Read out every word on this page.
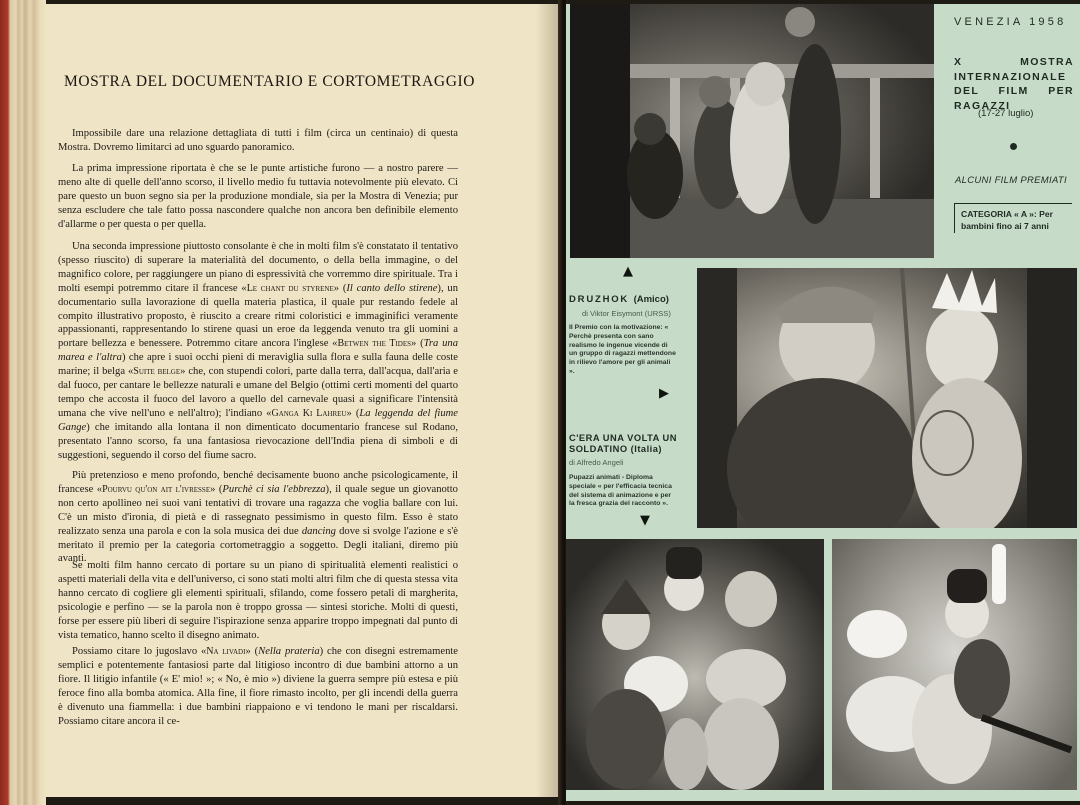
MOSTRA DEL DOCUMENTARIO E CORTOMETRAGGIO
Impossibile dare una relazione dettagliata di tutti i film (circa un centinaio) di questa Mostra. Dovremo limitarci ad uno sguardo panoramico.
La prima impressione riportata è che se le punte artistiche furono — a nostro parere — meno alte di quelle dell'anno scorso, il livello medio fu tuttavia notevolmente più elevato. Ci pare questo un buon segno sia per la produzione mondiale, sia per la Mostra di Venezia; pur senza escludere che tale fatto possa nascondere qualche non ancora ben definibile elemento d'allarme o per questa o per quella.
Una seconda impressione piuttosto consolante è che in molti film s'è constatato il tentativo (spesso riuscito) di superare la materialità del documento, o della bella immagine, o del magnifico colore, per raggiungere un piano di espressività che vorremmo dire spirituale. Tra i molti esempi potremmo citare il francese «Le chant du styrene» (Il canto dello stirene), un documentario sulla lavorazione di quella materia plastica, il quale pur restando fedele al compito illustrativo proposto, è riuscito a creare ritmi coloristici e immaginifici veramente appassionanti, rappresentando lo stirene quasi un eroe da leggenda venuto tra gli uomini a portare bellezza e benessere. Potremmo citare ancora l'inglese «Betwen the Tides» (Tra una marea e l'altra) che apre i suoi occhi pieni di meraviglia sulla flora e sulla fauna delle coste marine; il belga «Suite belge» che, con stupendi colori, parte dalla terra, dall'acqua, dall'aria e dal fuoco, per cantare le bellezze naturali e umane del Belgio (ottimi certi momenti del quarto tempo che accosta il fuoco del lavoro a quello del carnevale quasi a significare l'intensità umana che vive nell'uno e nell'altro); l'indiano «Ganga Ki Lahreu» (La leggenda del fiume Gange) che imitando alla lontana il non dimenticato documentario francese sul Rodano, presentato l'anno scorso, fa una fantasiosa rievocazione dell'India piena di simboli e di suggestioni, seguendo il corso del fiume sacro.
Più pretenzioso e meno profondo, benché decisamente buono anche psicologicamente, il francese «Pourvu qu'on ait l'ivresse» (Purchè ci sia l'ebbrezza), il quale segue un giovanotto non certo apollineo nei suoi vani tentativi di trovare una ragazza che voglia ballare con lui. C'è un misto d'ironia, di pietà e di rassegnato pessimismo in questo film. Esso è stato realizzato senza una parola e con la sola musica dei due dancing dove si svolge l'azione e s'è meritato il premio per la categoria cortometraggio a soggetto. Degli italiani, diremo più avanti.
Se molti film hanno cercato di portare su un piano di spiritualità elementi realistici o aspetti materiali della vita e dell'universo, ci sono stati molti altri film che di questa stessa vita hanno cercato di cogliere gli elementi spirituali, sfilando, come fossero petali di margherita, psicologie e perfino — se la parola non è troppo grossa — sintesi storiche. Molti di questi, forse per essere più liberi di seguire l'ispirazione senza apparire troppo impegnati dal punto di vista tematico, hanno scelto il disegno animato.
Possiamo citare lo jugoslavo «Na livadi» (Nella prateria) che con disegni estremamente semplici e potentemente fantasiosi parte dal litigioso incontro di due bambini attorno a un fiore. Il litigio infantile (« E' mio! »; « No, è mio ») diviene la guerra sempre più estesa e più feroce fino alla bomba atomica. Alla fine, il fiore rimasto incolto, per gli incendi della guerra è divenuto una fiammella: i due bambini riappaiono e vi tendono le mani per riscaldarsi. Possiamo citare ancora il ce-
VENEZIA 1958
X MOSTRA INTERNAZIONALE DEL FILM PER RAGAZZI
(17-27 luglio)
ALCUNI FILM PREMIATI
CATEGORIA « A »: Per bambini fino ai 7 anni
▲
▶
▼
DRUZHOK (Amico)
di Viktor Eisymont (URSS)
II Premio con la motivazione: « Perchè presenta con sano realismo le ingenue vicende di un gruppo di ragazzi mettendone in rilievo l'amore per gli animali ».
C'ERA UNA VOLTA UN SOLDATINO (Italia)
di Alfredo Angeli
Pupazzi animati - Diploma speciale « per l'efficacia tecnica del sistema di animazione e per la fresca grazia del racconto ».
